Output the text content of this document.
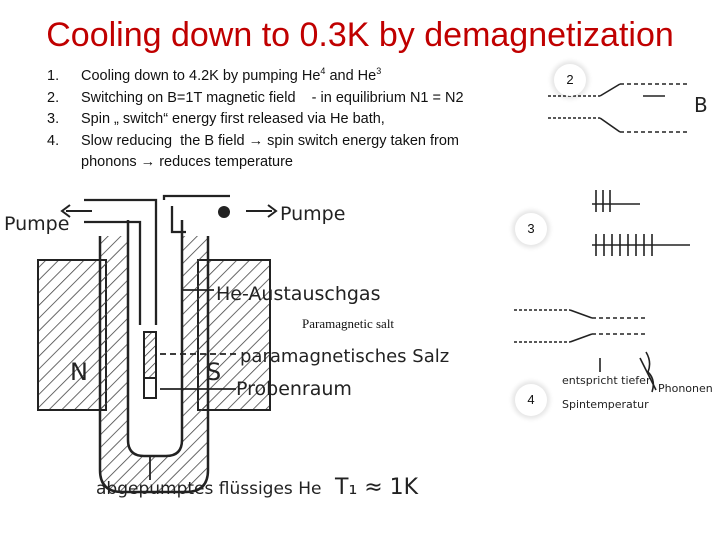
Cooling down to 0.3K by demagnetization
1.	Cooling down to 4.2K by pumping He$^4$ and He$^3$
2.	Switching on B=1T magnetic field    - in equilibrium N1 = N2
3.	Spin „ switch“ energy first released via He bath,
4.	Slow reducing  the B field → spin switch energy taken from
phonons → reduces temperature
Pumpe	Pumpe
He-Austauschgas
paramagnetisches Salz
Probenraum
N	S
abgepumptes flüssiges He T₁ ≈ 1K
B
entspricht tiefer
Spintemperatur
Phononen
Paramagnetic salt
2
3
4
